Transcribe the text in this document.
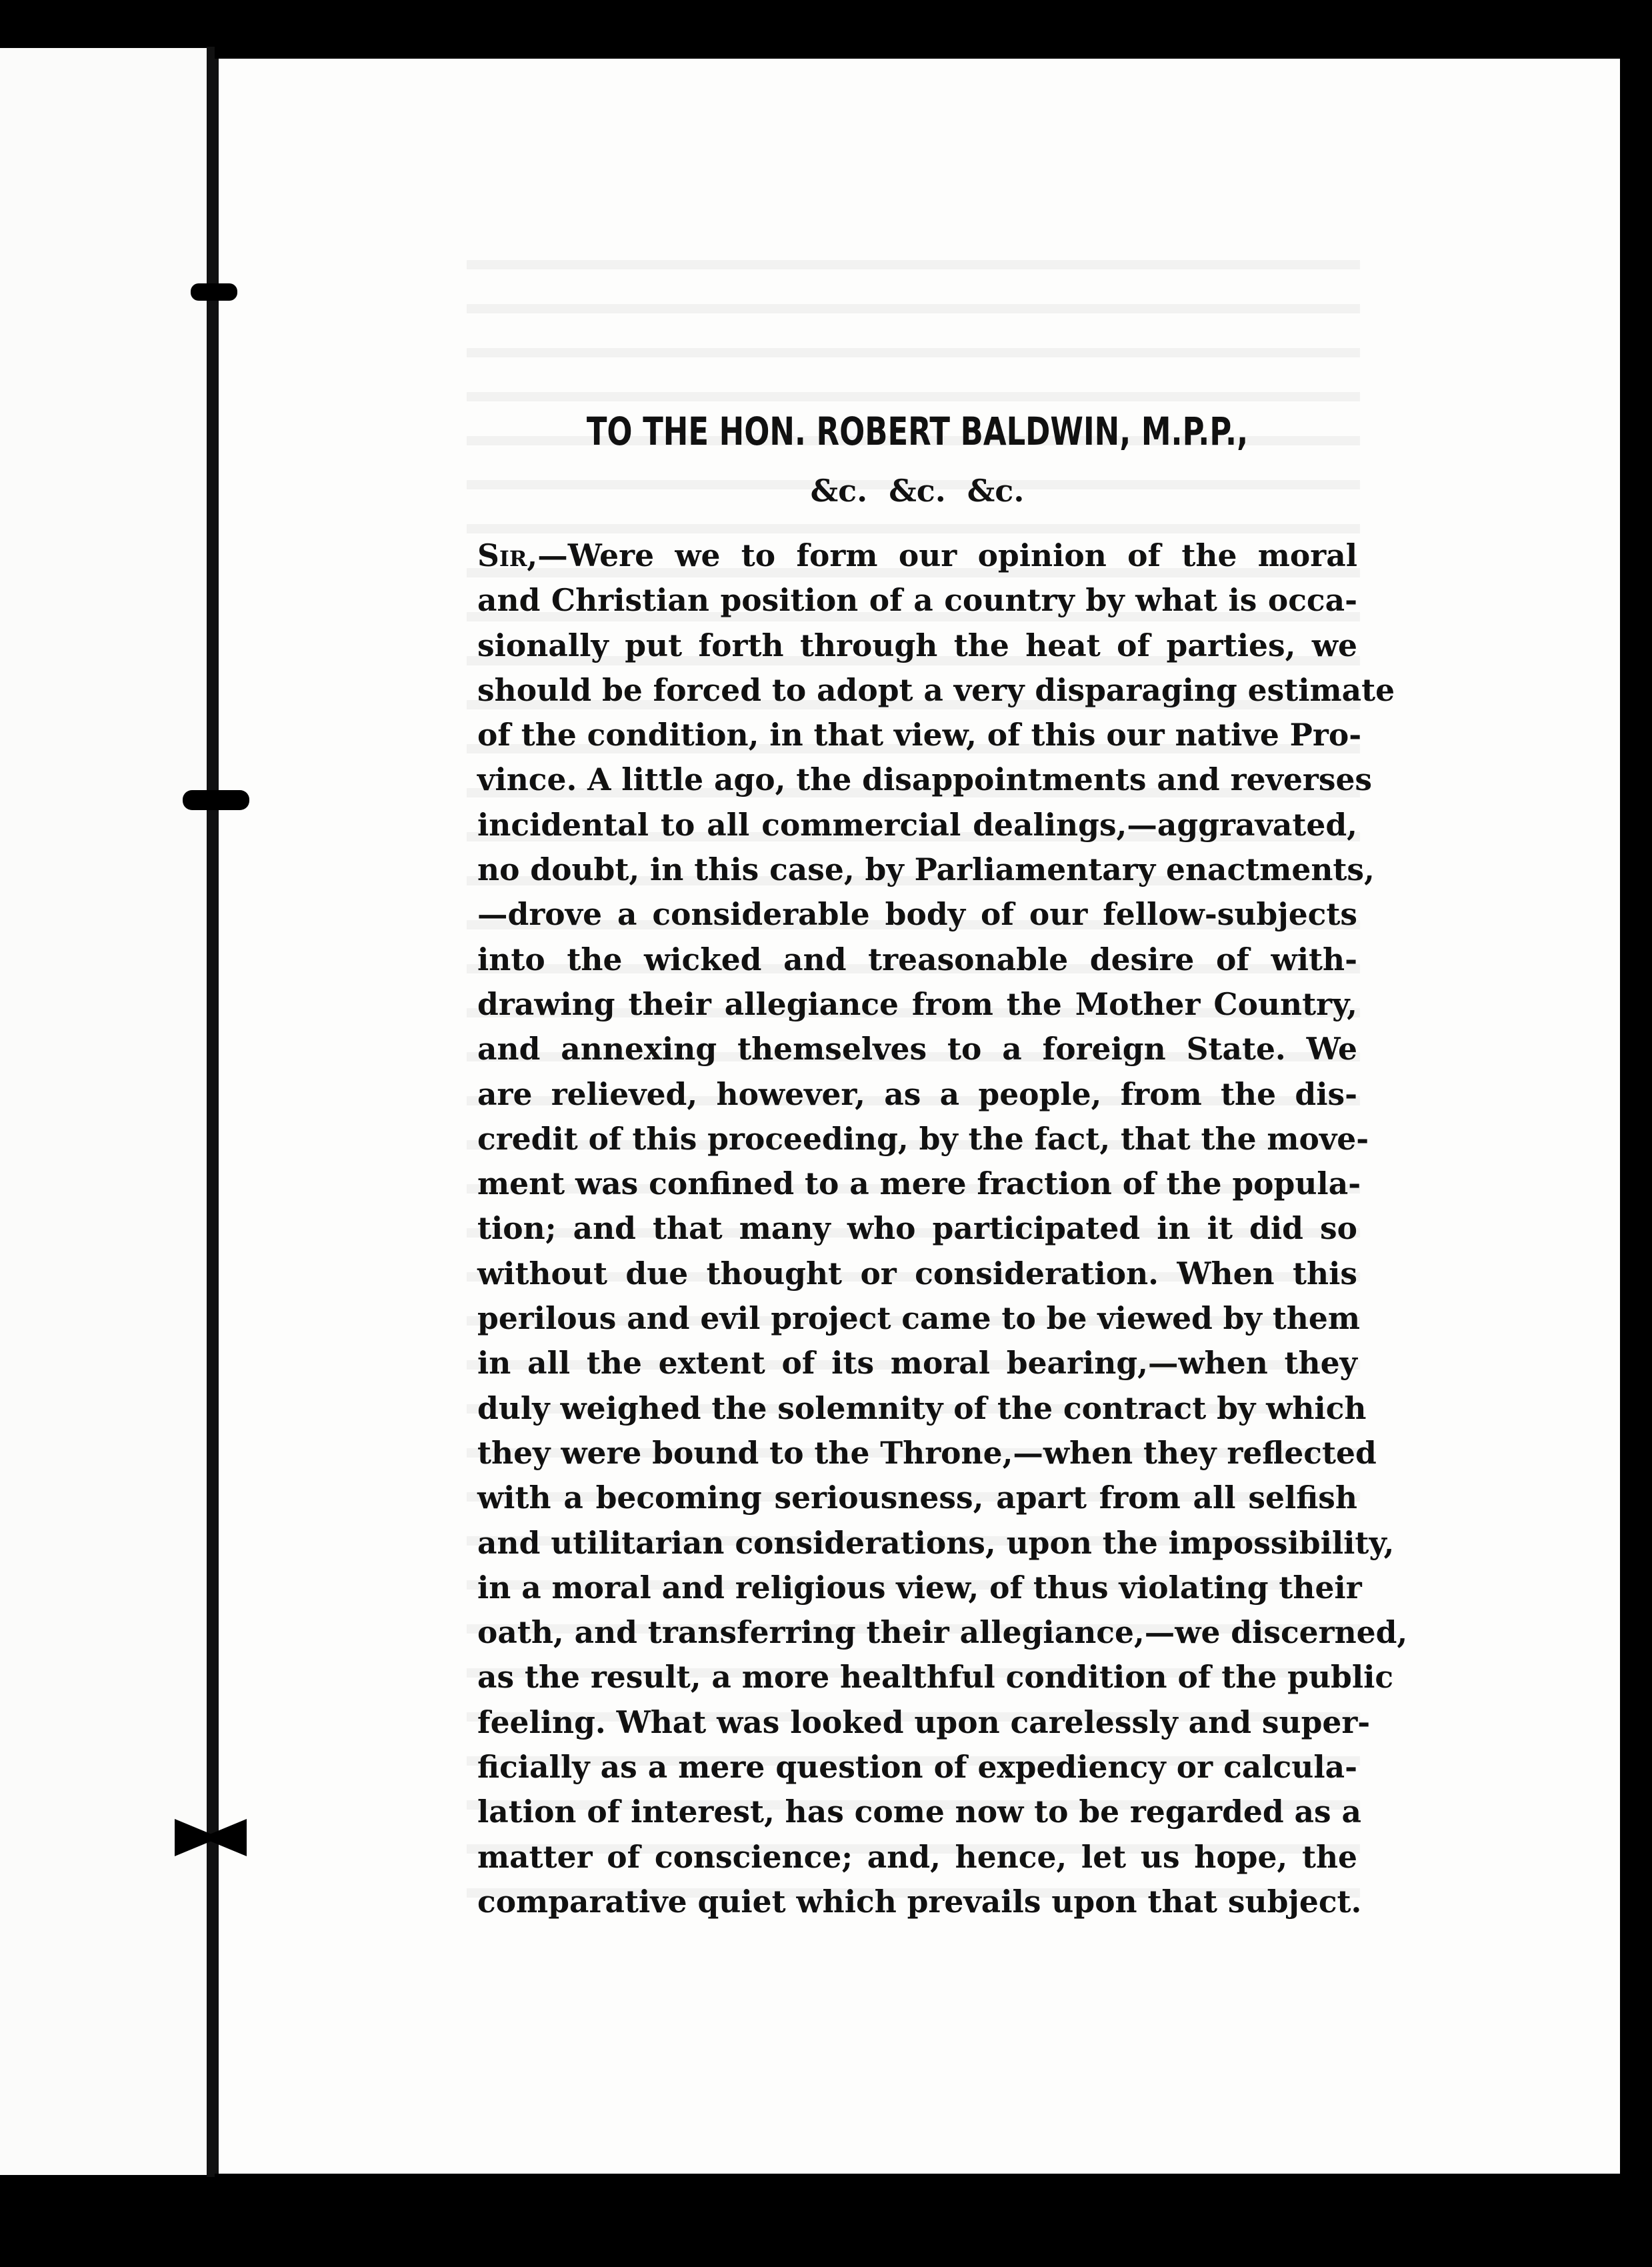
TO THE HON. ROBERT BALDWIN, M.P.P.,

&c. &c. &c.

Sir,—Were we to form our opinion of the moral
and Christian position of a country by what is occa-
sionally put forth through the heat of parties, we
should be forced to adopt a very disparaging estimate
of the condition, in that view, of this our native Pro-
vince. A little ago, the disappointments and reverses
incidental to all commercial dealings,—aggravated,
no doubt, in this case, by Parliamentary enactments,
—drove a considerable body of our fellow-subjects
into the wicked and treasonable desire of with-
drawing their allegiance from the Mother Country,
and annexing themselves to a foreign State. We
are relieved, however, as a people, from the dis-
credit of this proceeding, by the fact, that the move-
ment was confined to a mere fraction of the popula-
tion; and that many who participated in it did so
without due thought or consideration. When this
perilous and evil project came to be viewed by them
in all the extent of its moral bearing,—when they
duly weighed the solemnity of the contract by which
they were bound to the Throne,—when they reflected
with a becoming seriousness, apart from all selfish
and utilitarian considerations, upon the impossibility,
in a moral and religious view, of thus violating their
oath, and transferring their allegiance,—we discerned,
as the result, a more healthful condition of the public
feeling. What was looked upon carelessly and super-
ficially as a mere question of expediency or calcula-
lation of interest, has come now to be regarded as a
matter of conscience; and, hence, let us hope, the
comparative quiet which prevails upon that subject.
